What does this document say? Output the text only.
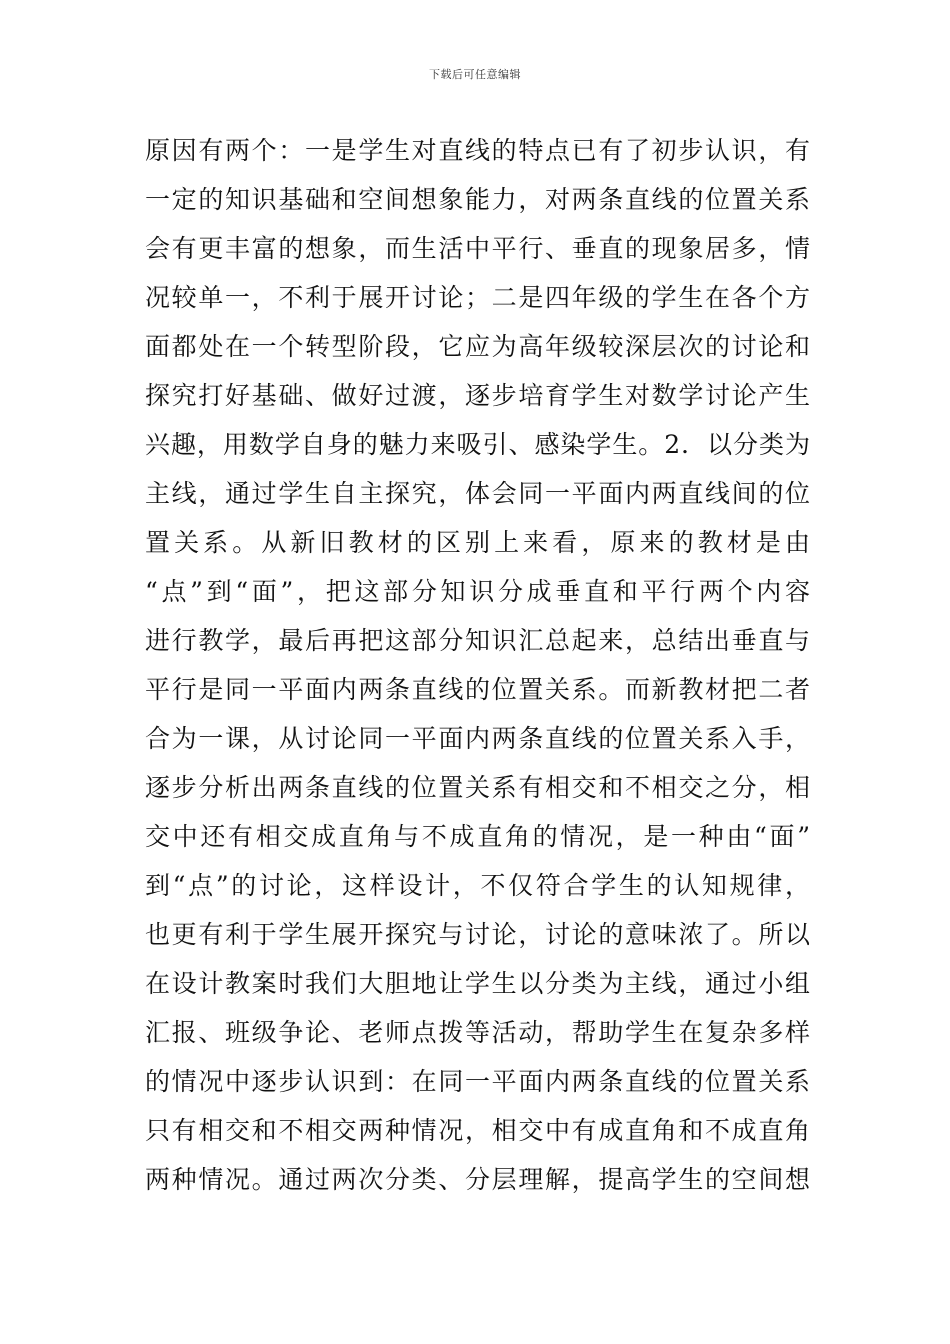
下载后可任意编辑
原因有两个：一是学生对直线的特点已有了初步认识，有
一定的知识基础和空间想象能力，对两条直线的位置关系
会有更丰富的想象，而生活中平行、垂直的现象居多，情
况较单一，不利于展开讨论；二是四年级的学生在各个方
面都处在一个转型阶段，它应为高年级较深层次的讨论和
探究打好基础、做好过渡，逐步培育学生对数学讨论产生
兴趣，用数学自身的魅力来吸引、感染学生。2．以分类为
主线，通过学生自主探究，体会同一平面内两直线间的位
置关系。从新旧教材的区别上来看，原来的教材是由
“点”到“面”，把这部分知识分成垂直和平行两个内容
进行教学，最后再把这部分知识汇总起来，总结出垂直与
平行是同一平面内两条直线的位置关系。而新教材把二者
合为一课，从讨论同一平面内两条直线的位置关系入手，
逐步分析出两条直线的位置关系有相交和不相交之分，相
交中还有相交成直角与不成直角的情况，是一种由“面”
到“点”的讨论，这样设计，不仅符合学生的认知规律，
也更有利于学生展开探究与讨论，讨论的意味浓了。所以
在设计教案时我们大胆地让学生以分类为主线，通过小组
汇报、班级争论、老师点拨等活动，帮助学生在复杂多样
的情况中逐步认识到：在同一平面内两条直线的位置关系
只有相交和不相交两种情况，相交中有成直角和不成直角
两种情况。通过两次分类、分层理解，提高学生的空间想
